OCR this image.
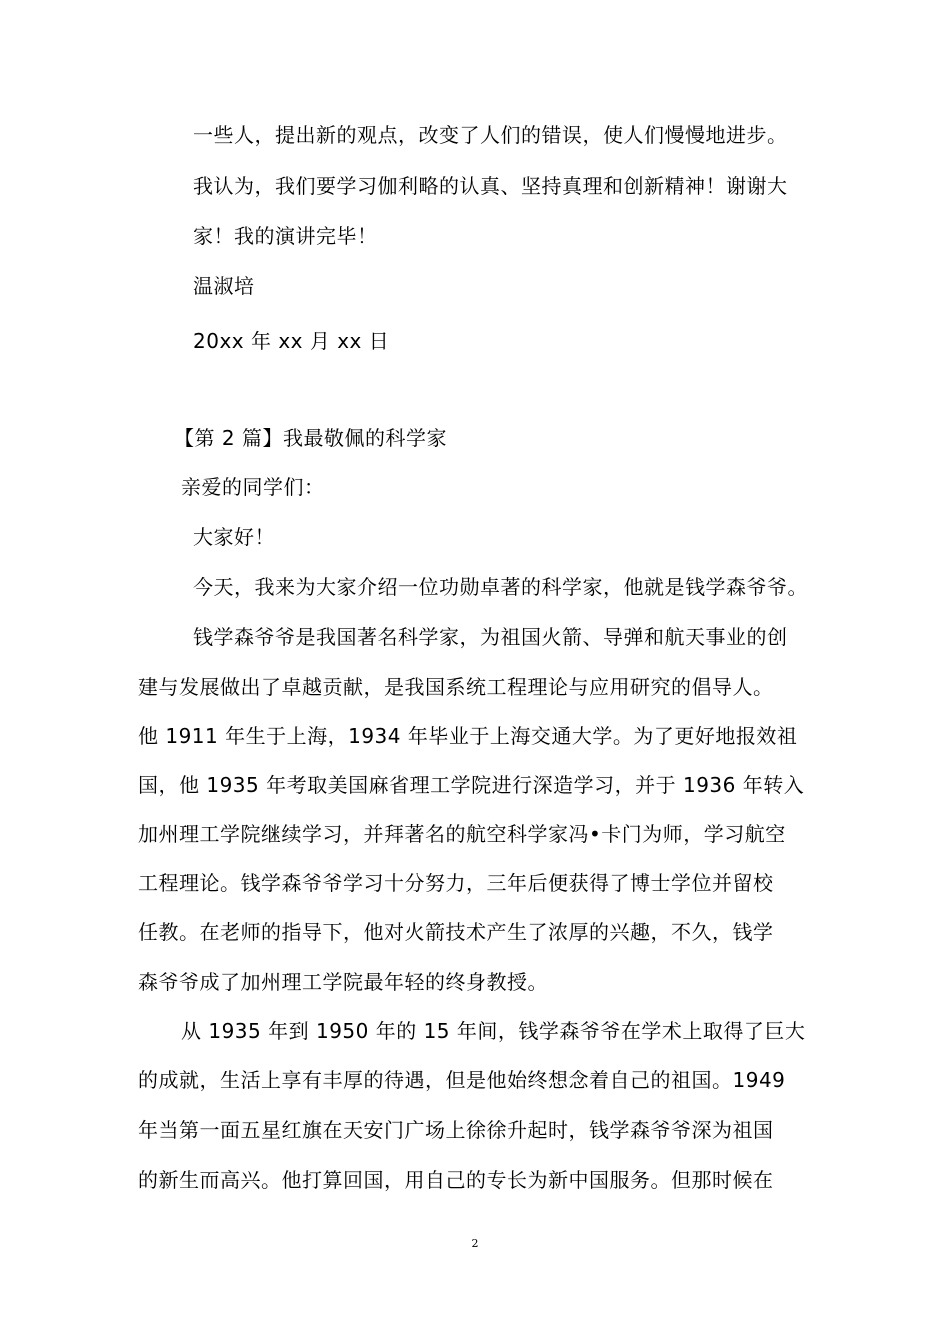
一些人，提出新的观点，改变了人们的错误，使人们慢慢地进步。
我认为，我们要学习伽利略的认真、坚持真理和创新精神！谢谢大
家！我的演讲完毕！
温淑培
20xx 年 xx 月 xx 日
【第 2 篇】我最敬佩的科学家
亲爱的同学们：
大家好！
今天，我来为大家介绍一位功勋卓著的科学家，他就是钱学森爷爷。
钱学森爷爷是我国著名科学家，为祖国火箭、导弹和航天事业的创
建与发展做出了卓越贡献，是我国系统工程理论与应用研究的倡导人。
他 1911 年生于上海，1934 年毕业于上海交通大学。为了更好地报效祖
国，他 1935 年考取美国麻省理工学院进行深造学习，并于 1936 年转入
加州理工学院继续学习，并拜著名的航空科学家冯•卡门为师，学习航空
工程理论。钱学森爷爷学习十分努力，三年后便获得了博士学位并留校
任教。在老师的指导下，他对火箭技术产生了浓厚的兴趣，不久，钱学
森爷爷成了加州理工学院最年轻的终身教授。
从 1935 年到 1950 年的 15 年间，钱学森爷爷在学术上取得了巨大
的成就，生活上享有丰厚的待遇，但是他始终想念着自己的祖国。1949
年当第一面五星红旗在天安门广场上徐徐升起时，钱学森爷爷深为祖国
的新生而高兴。他打算回国，用自己的专长为新中国服务。但那时候在
2
